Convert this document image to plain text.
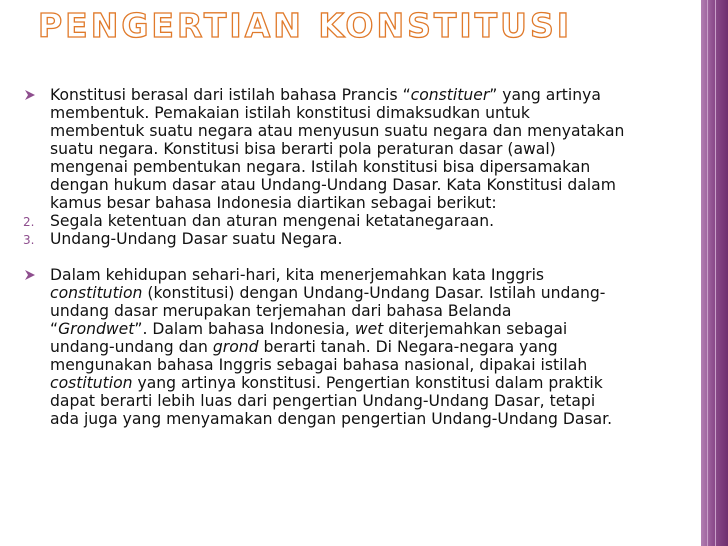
PENGERTIAN KONSTITUSI
Konstitusi berasal dari istilah bahasa Prancis “constituer” yang artinya
membentuk. Pemakaian istilah konstitusi dimaksudkan untuk
membentuk suatu negara atau menyusun suatu negara dan menyatakan
suatu negara. Konstitusi bisa berarti pola peraturan dasar (awal)
mengenai pembentukan negara. Istilah konstitusi bisa dipersamakan
dengan hukum dasar atau Undang-Undang Dasar. Kata Konstitusi dalam
kamus besar bahasa Indonesia diartikan sebagai berikut:
2. Segala ketentuan dan aturan mengenai ketatanegaraan.
3. Undang-Undang Dasar suatu Negara.
Dalam kehidupan sehari-hari, kita menerjemahkan kata Inggris
constitution (konstitusi) dengan Undang-Undang Dasar. Istilah undang-
undang dasar merupakan terjemahan dari bahasa Belanda
“Grondwet”. Dalam bahasa Indonesia, wet diterjemahkan sebagai
undang-undang dan grond berarti tanah. Di Negara-negara yang
mengunakan bahasa Inggris sebagai bahasa nasional, dipakai istilah
costitution yang artinya konstitusi. Pengertian konstitusi dalam praktik
dapat berarti lebih luas dari pengertian Undang-Undang Dasar, tetapi
ada juga yang menyamakan dengan pengertian Undang-Undang Dasar.
